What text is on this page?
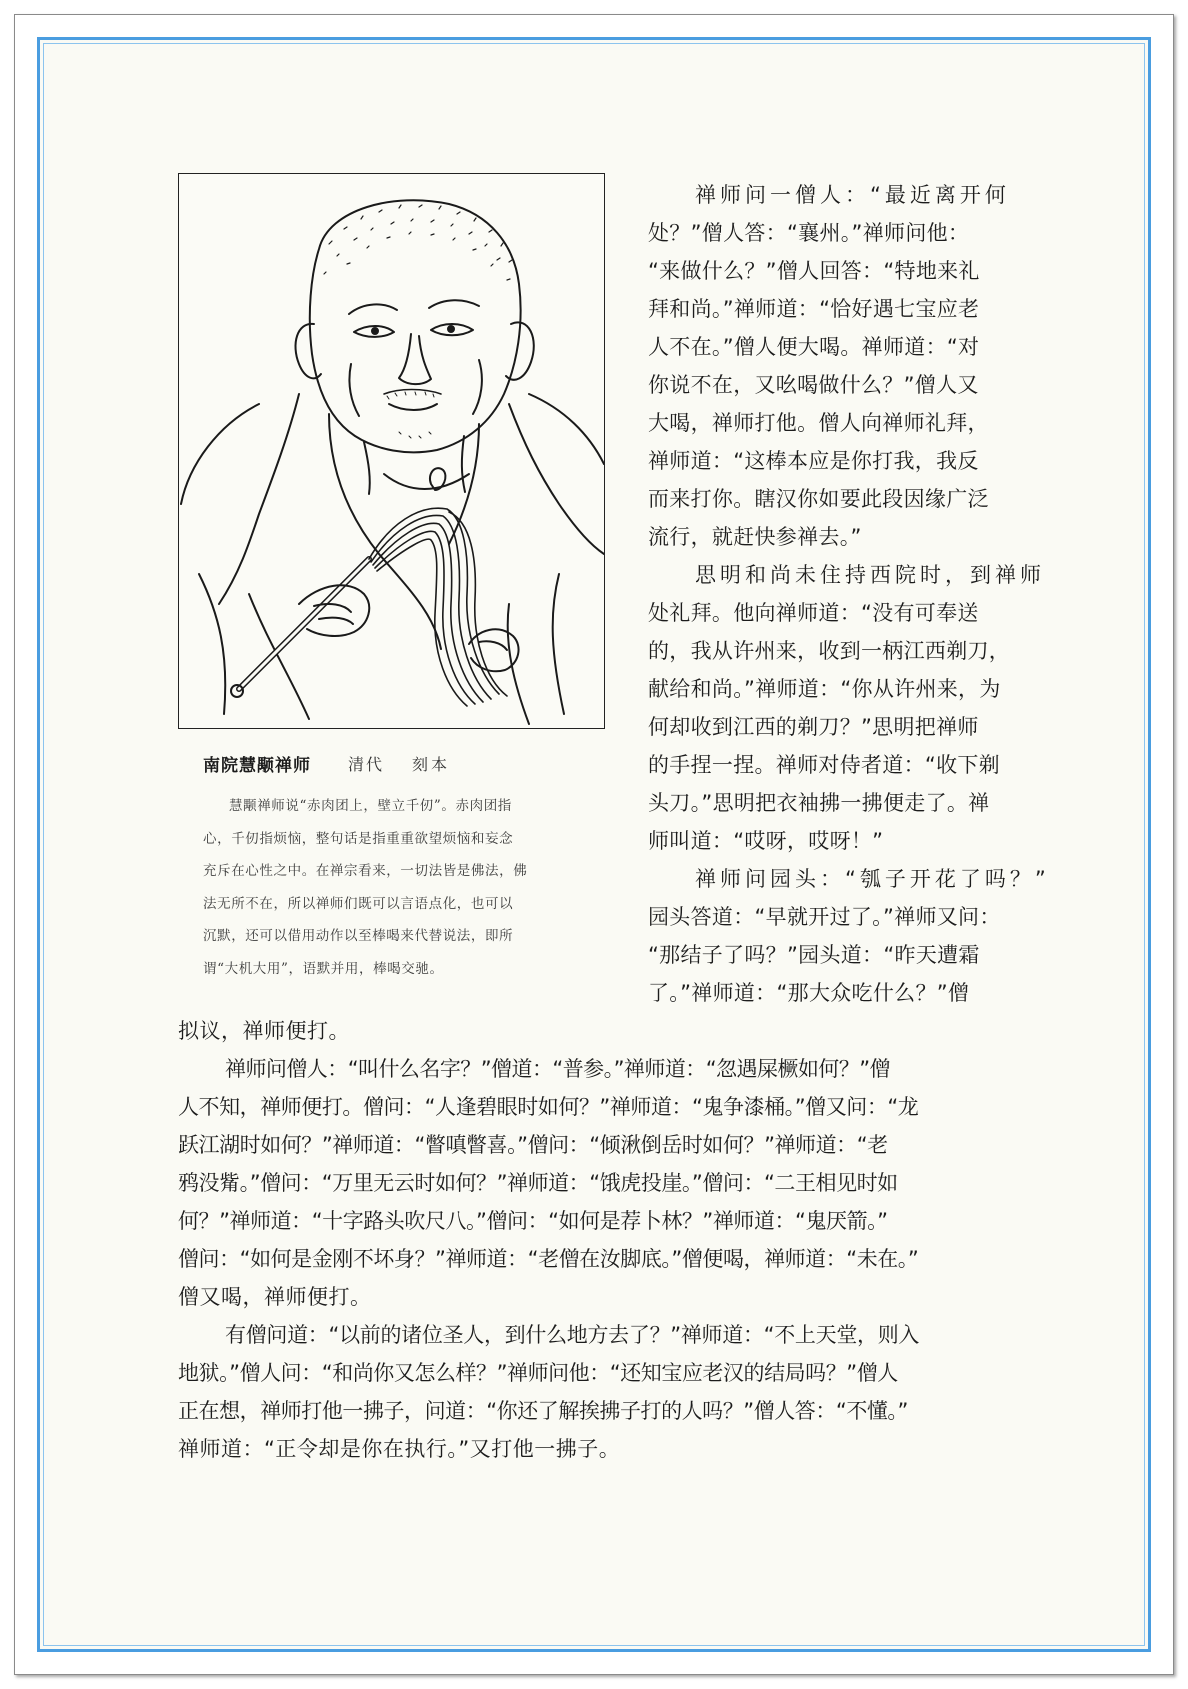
南院慧颙禅师 清代 刻本
慧颙禅师说“赤肉团上，壁立千仞”。赤肉团指
心，千仞指烦恼，整句话是指重重欲望烦恼和妄念
充斥在心性之中。在禅宗看来，一切法皆是佛法，佛
法无所不在，所以禅师们既可以言语点化，也可以
沉默，还可以借用动作以至棒喝来代替说法，即所
谓“大机大用”，语默并用，棒喝交驰。
禅师问一僧人：“最近离开何
处？”僧人答：“襄州。”禅师问他：
“来做什么？”僧人回答：“特地来礼
拜和尚。”禅师道：“恰好遇七宝应老
人不在。”僧人便大喝。禅师道：“对
你说不在，又吆喝做什么？”僧人又
大喝，禅师打他。僧人向禅师礼拜，
禅师道：“这棒本应是你打我，我反
而来打你。瞎汉你如要此段因缘广泛
流行，就赶快参禅去。”
思明和尚未住持西院时，到禅师
处礼拜。他向禅师道：“没有可奉送
的，我从许州来，收到一柄江西剃刀，
献给和尚。”禅师道：“你从许州来，为
何却收到江西的剃刀？”思明把禅师
的手捏一捏。禅师对侍者道：“收下剃
头刀。”思明把衣袖拂一拂便走了。禅
师叫道：“哎呀，哎呀！”
禅师问园头：“瓠子开花了吗？”
园头答道：“早就开过了。”禅师又问：
“那结子了吗？”园头道：“昨天遭霜
了。”禅师道：“那大众吃什么？”僧
拟议，禅师便打。
禅师问僧人：“叫什么名字？”僧道：“普参。”禅师道：“忽遇屎橛如何？”僧
人不知，禅师便打。僧问：“人逢碧眼时如何？”禅师道：“鬼争漆桶。”僧又问：“龙
跃江湖时如何？”禅师道：“瞥嗔瞥喜。”僧问：“倾湫倒岳时如何？”禅师道：“老
鸦没觜。”僧问：“万里无云时如何？”禅师道：“饿虎投崖。”僧问：“二王相见时如
何？”禅师道：“十字路头吹尺八。”僧问：“如何是荐卜林？”禅师道：“鬼厌箭。”
僧问：“如何是金刚不坏身？”禅师道：“老僧在汝脚底。”僧便喝，禅师道：“未在。”
僧又喝，禅师便打。
有僧问道：“以前的诸位圣人，到什么地方去了？”禅师道：“不上天堂，则入
地狱。”僧人问：“和尚你又怎么样？”禅师问他：“还知宝应老汉的结局吗？”僧人
正在想，禅师打他一拂子，问道：“你还了解挨拂子打的人吗？”僧人答：“不懂。”
禅师道：“正令却是你在执行。”又打他一拂子。
